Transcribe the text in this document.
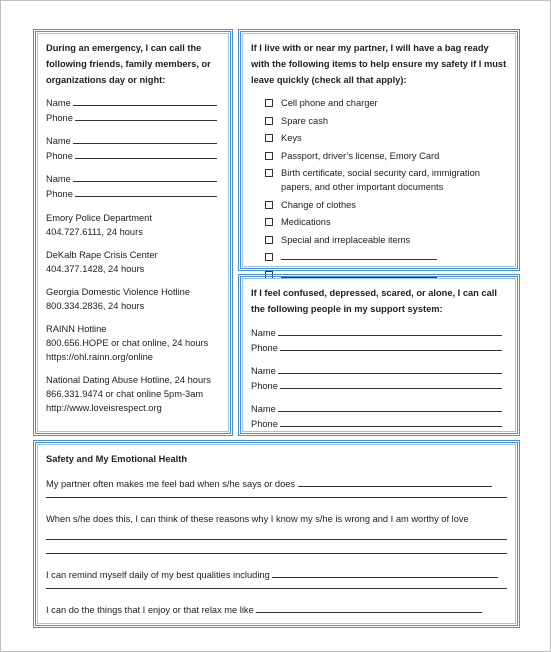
During an emergency, I can call the following friends, family members, or organizations day or night:
Name
Phone
Name
Phone
Name
Phone
Emory Police Department
404.727.6111, 24 hours
DeKalb Rape Crisis Center
404.377.1428, 24 hours
Georgia Domestic Violence Hotline
800.334.2836, 24 hours
RAINN Hotline
800.656.HOPE or chat online, 24 hours
https://ohl.rainn.org/online
National Dating Abuse Hotline, 24 hours
866.331.9474 or chat online 5pm-3am
http://www.loveisrespect.org
If I live with or near my partner, I will have a bag ready with the following items to help ensure my safety if I must leave quickly (check all that apply):
Cell phone and charger
Spare cash
Keys
Passport, driver’s license, Emory Card
Birth certificate, social security card, immigration papers, and other important documents
Change of clothes
Medications
Special and irreplaceable items
If I feel confused, depressed, scared, or alone, I can call the following people in my support system:
Name
Phone
Name
Phone
Name
Phone
Safety and My Emotional Health
My partner often makes me feel bad when s/he says or does
When s/he does this, I can think of these reasons why I know my s/he is wrong and I am worthy of love
I can remind myself daily of my best qualities including
I can do the things that I enjoy or that relax me like
